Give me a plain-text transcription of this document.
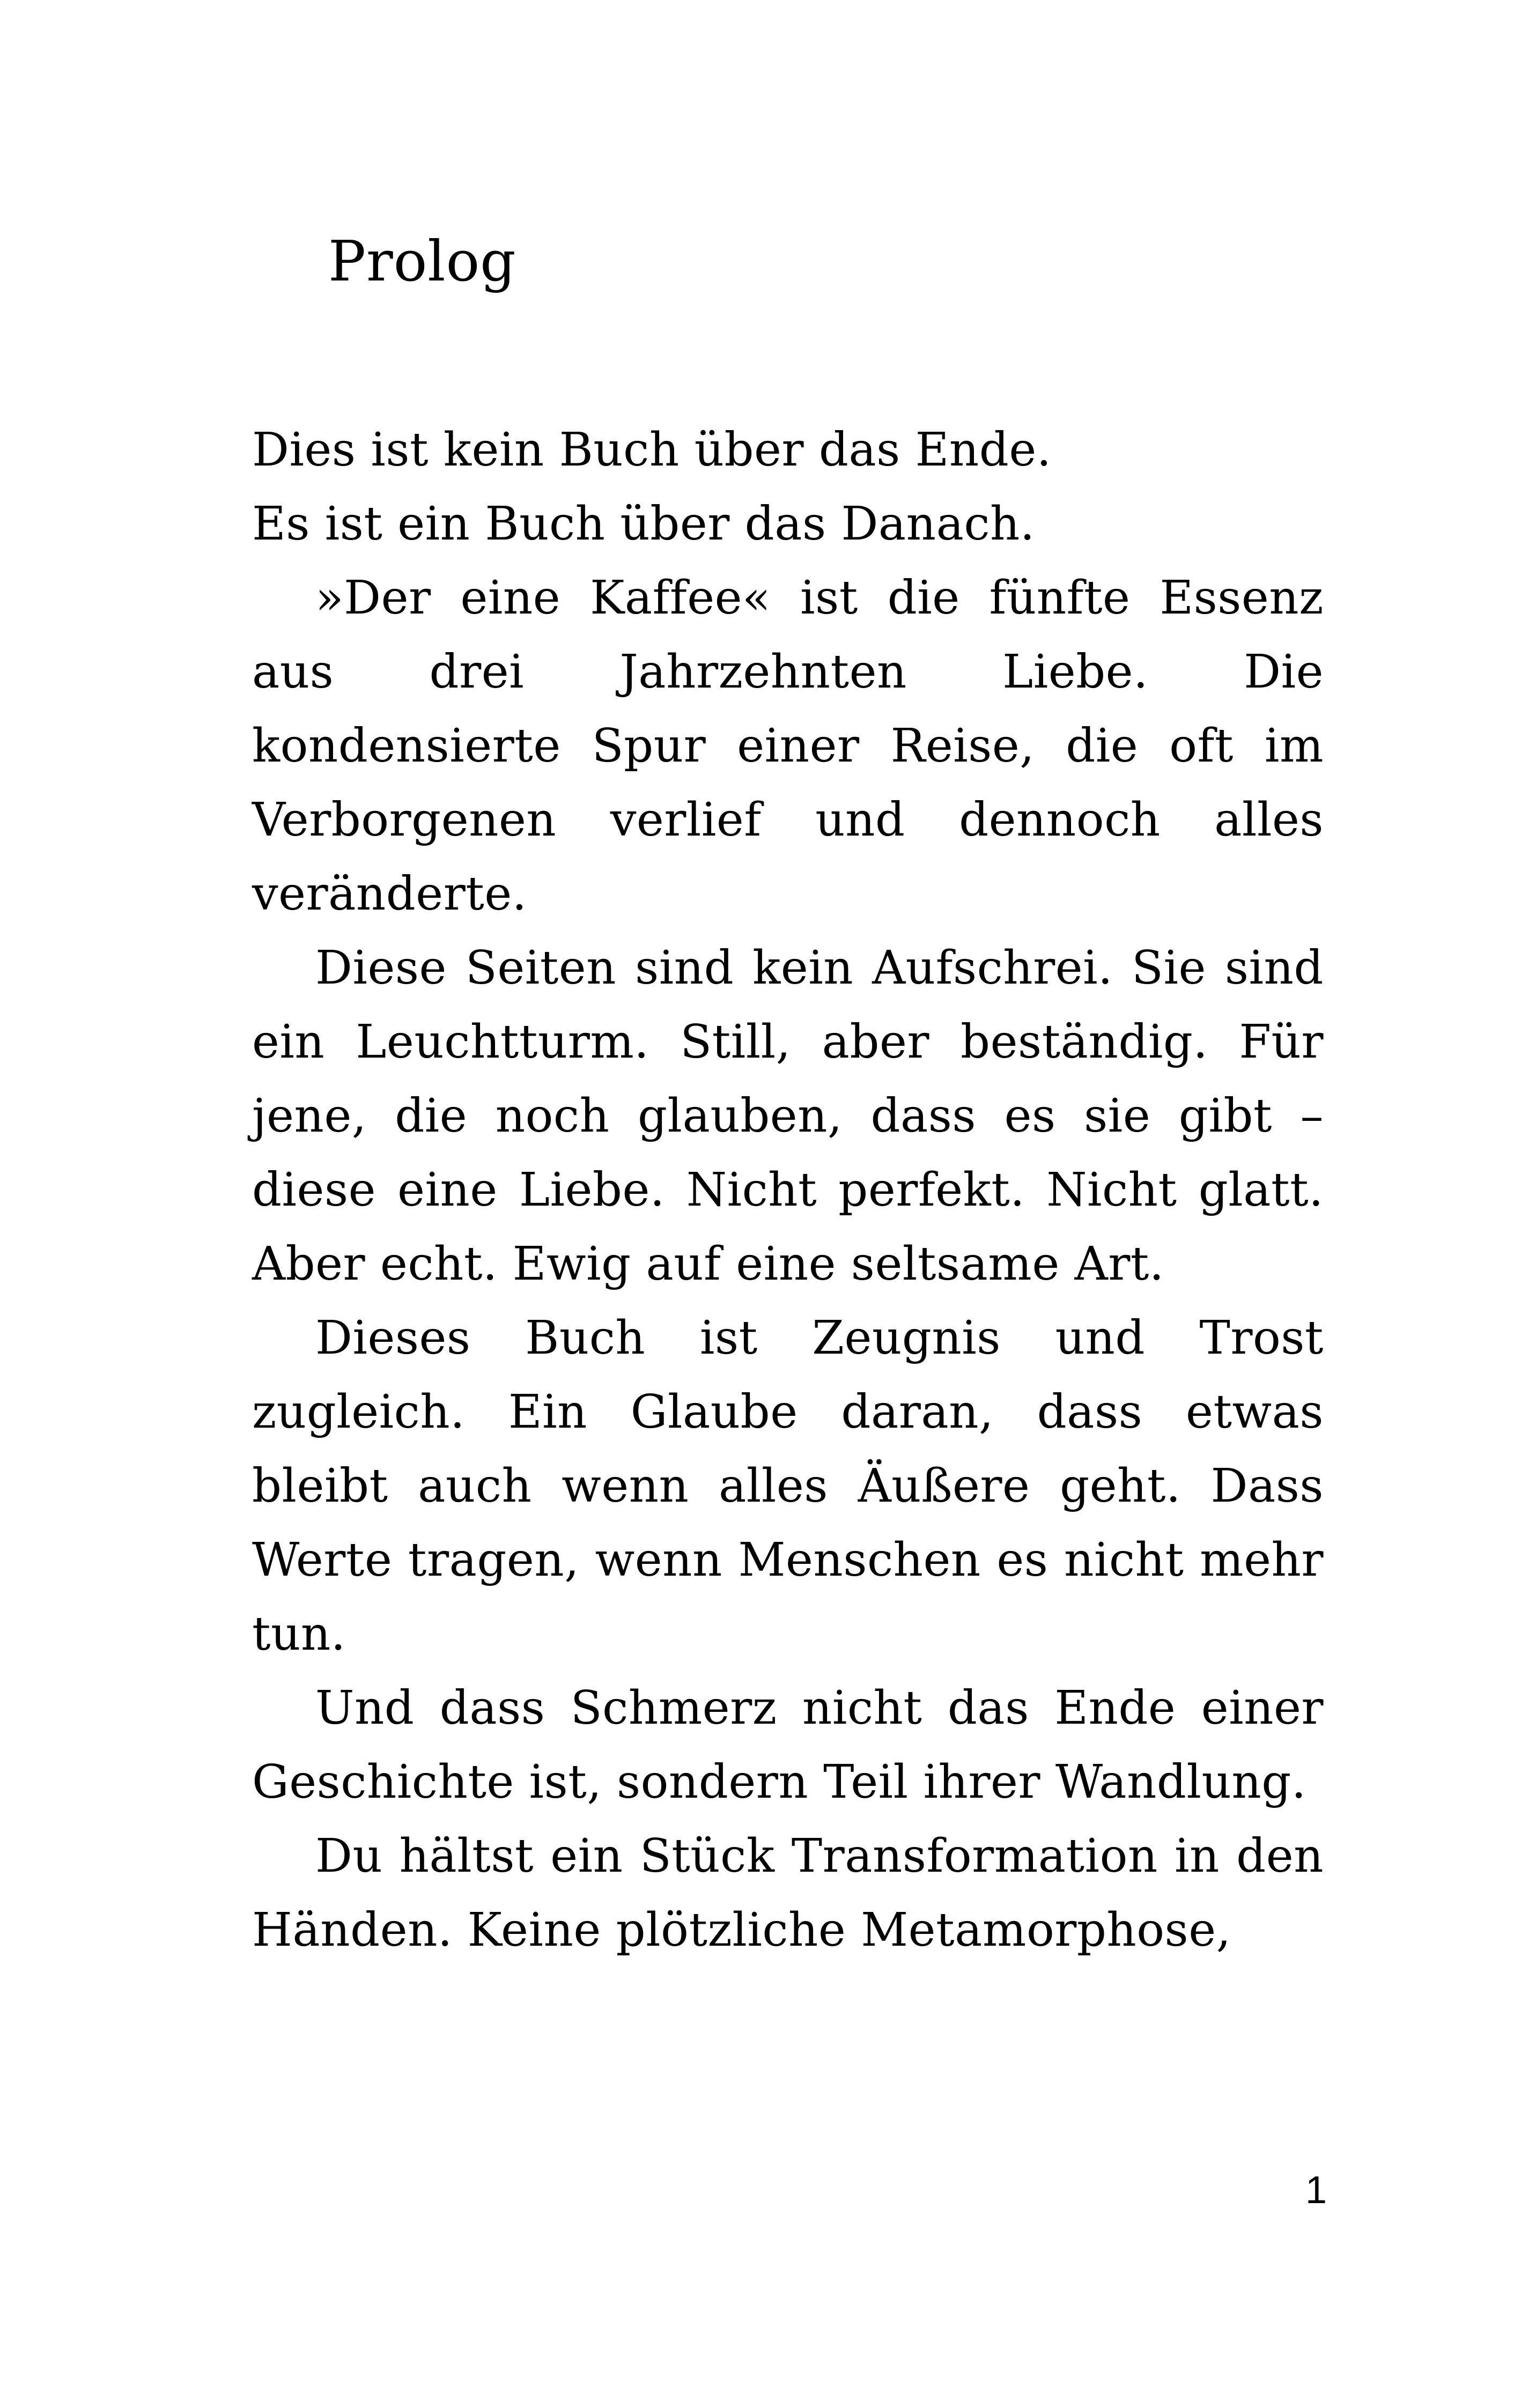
Prolog

Dies ist kein Buch über das Ende.

Es ist ein Buch über das Danach.

»Der eine Kaffee« ist die fünfte Essenz aus drei Jahrzehnten Liebe. Die kondensierte Spur einer Reise, die oft im Verborgenen verlief und dennoch alles veränderte.

Diese Seiten sind kein Aufschrei. Sie sind ein Leuchtturm. Still, aber beständig. Für jene, die noch glauben, dass es sie gibt – diese eine Liebe. Nicht perfekt. Nicht glatt. Aber echt. Ewig auf eine seltsame Art.

Dieses Buch ist Zeugnis und Trost zugleich. Ein Glaube daran, dass etwas bleibt auch wenn alles Äußere geht. Dass Werte tragen, wenn Menschen es nicht mehr tun.

Und dass Schmerz nicht das Ende einer Geschichte ist, sondern Teil ihrer Wandlung.

Du hältst ein Stück Transformation in den Händen. Keine plötzliche Metamorphose,

1
